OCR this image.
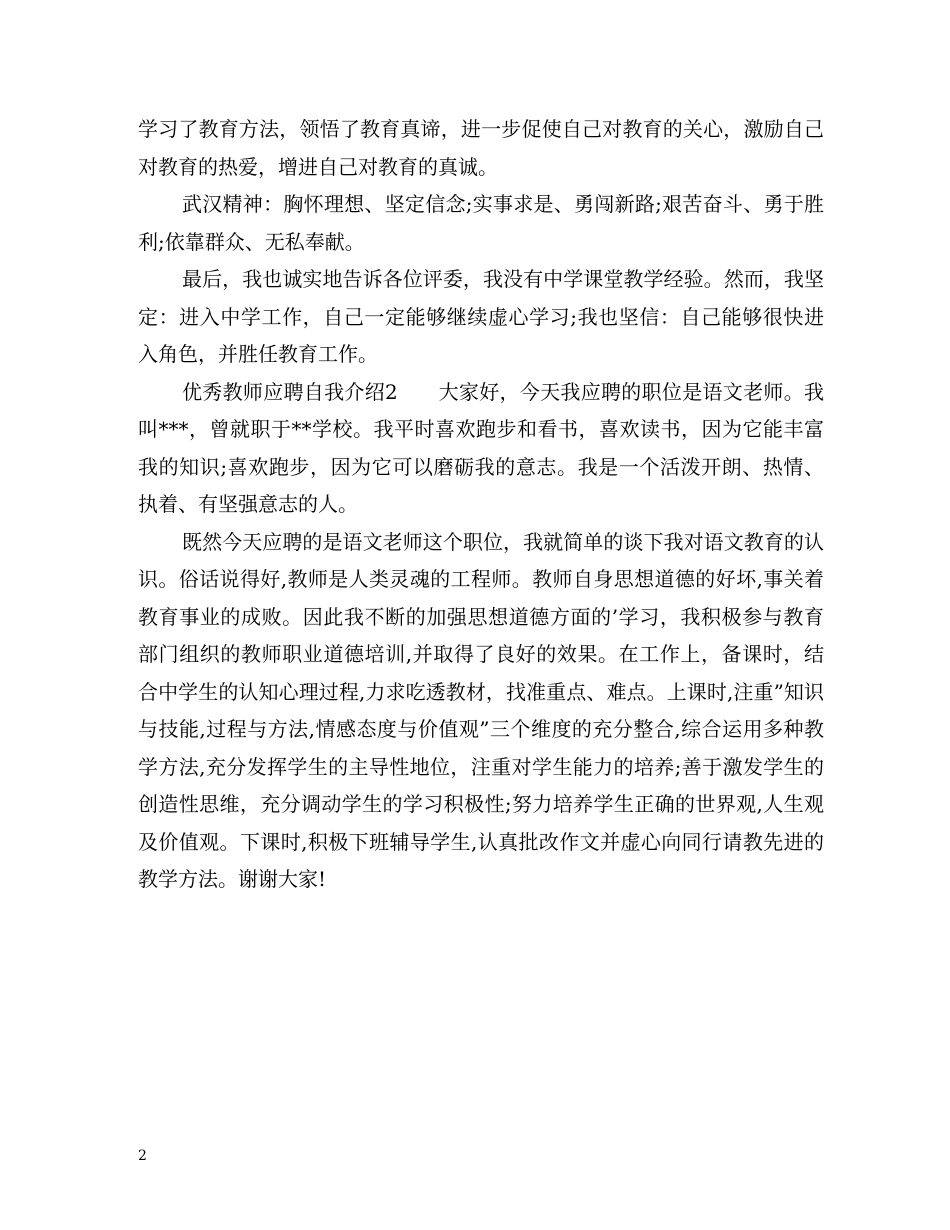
学习了教育方法，领悟了教育真谛，进一步促使自己对教育的关心，激励自己对教育的热爱，增进自己对教育的真诚。

武汉精神：胸怀理想、坚定信念;实事求是、勇闯新路;艰苦奋斗、勇于胜利;依靠群众、无私奉献。

最后，我也诚实地告诉各位评委，我没有中学课堂教学经验。然而，我坚定：进入中学工作，自己一定能够继续虚心学习;我也坚信：自己能够很快进入角色，并胜任教育工作。

优秀教师应聘自我介绍2　　大家好，今天我应聘的职位是语文老师。我叫***，曾就职于**学校。我平时喜欢跑步和看书，喜欢读书，因为它能丰富我的知识;喜欢跑步，因为它可以磨砺我的意志。我是一个活泼开朗、热情、执着、有坚强意志的人。

既然今天应聘的是语文老师这个职位，我就简单的谈下我对语文教育的认识。俗话说得好,教师是人类灵魂的工程师。教师自身思想道德的好坏,事关着教育事业的成败。因此我不断的加强思想道德方面的’学习，我积极参与教育部门组织的教师职业道德培训,并取得了良好的效果。在工作上，备课时，结合中学生的认知心理过程,力求吃透教材，找准重点、难点。上课时,注重”知识与技能,过程与方法,情感态度与价值观”三个维度的充分整合,综合运用多种教学方法,充分发挥学生的主导性地位，注重对学生能力的培养;善于激发学生的创造性思维，充分调动学生的学习积极性;努力培养学生正确的世界观,人生观及价值观。下课时,积极下班辅导学生,认真批改作文并虚心向同行请教先进的教学方法。谢谢大家!

2
